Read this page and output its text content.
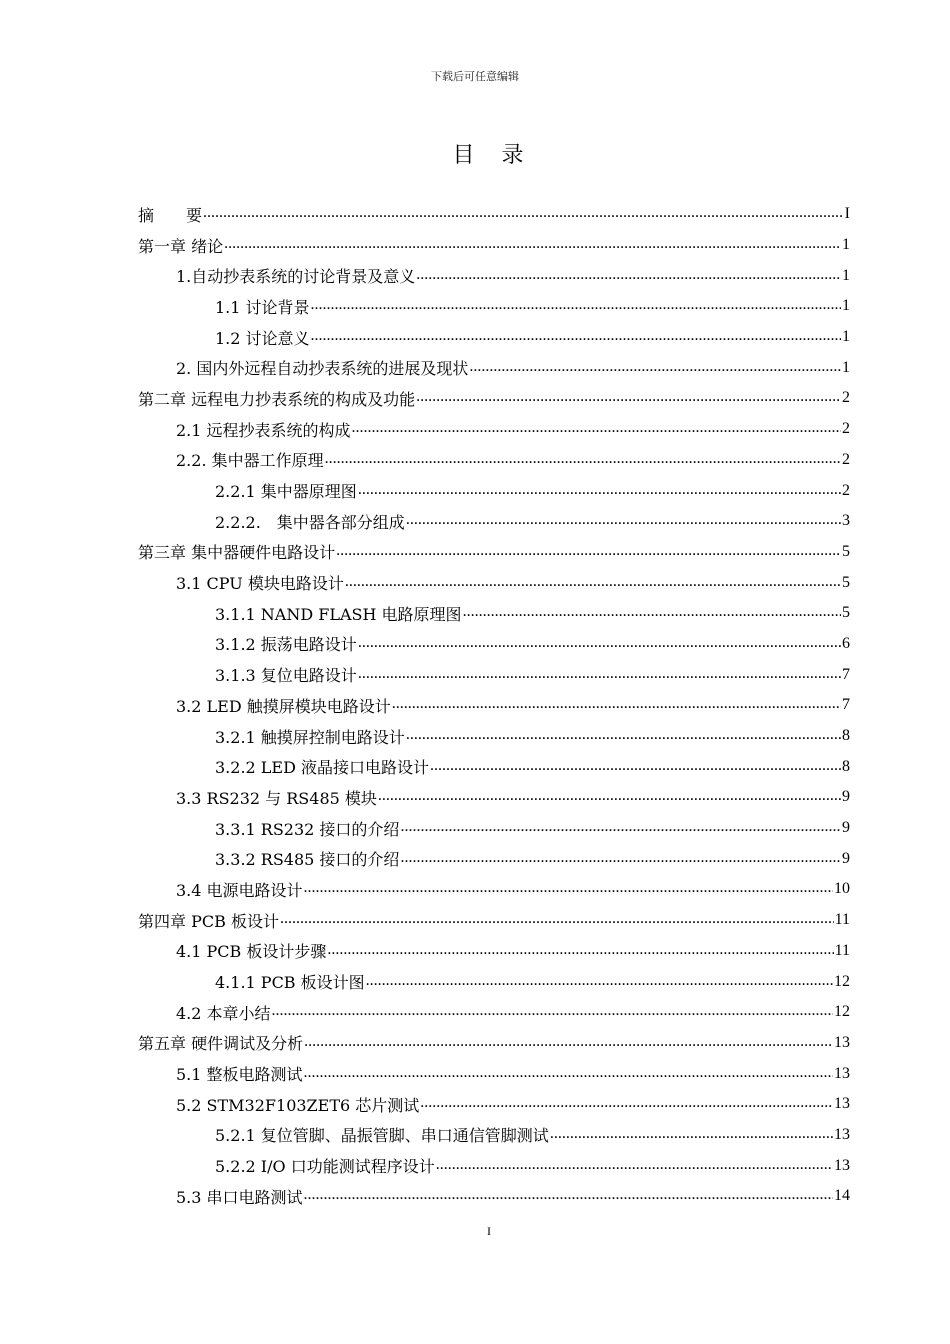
下载后可任意编辑
目 录
摘　　要 .....	I
第一章 绪论 .....	1
1.自动抄表系统的讨论背景及意义 .....	1
1.1 讨论背景 .....	1
1.2 讨论意义 .....	1
2. 国内外远程自动抄表系统的进展及现状 .....	1
第二章 远程电力抄表系统的构成及功能 .....	2
2.1 远程抄表系统的构成 .....	2
2.2. 集中器工作原理 .....	2
2.2.1 集中器原理图 .....	2
2.2.2.　集中器各部分组成 .....	3
第三章 集中器硬件电路设计 .....	5
3.1 CPU 模块电路设计 .....	5
3.1.1 NAND FLASH 电路原理图 .....	5
3.1.2 振荡电路设计 .....	6
3.1.3 复位电路设计 .....	7
3.2 LED 触摸屏模块电路设计 .....	7
3.2.1 触摸屏控制电路设计 .....	8
3.2.2 LED 液晶接口电路设计 .....	8
3.3 RS232 与 RS485 模块 .....	9
3.3.1 RS232 接口的介绍 .....	9
3.3.2 RS485 接口的介绍 .....	9
3.4 电源电路设计 .....	10
第四章 PCB 板设计 .....	11
4.1 PCB 板设计步骤 .....	11
4.1.1 PCB 板设计图 .....	12
4.2 本章小结 .....	12
第五章 硬件调试及分析 .....	13
5.1 整板电路测试 .....	13
5.2 STM32F103ZET6 芯片测试 .....	13
5.2.1 复位管脚、晶振管脚、串口通信管脚测试 .....	13
5.2.2 I/O 口功能测试程序设计 .....	13
5.3 串口电路测试 .....	14
I
